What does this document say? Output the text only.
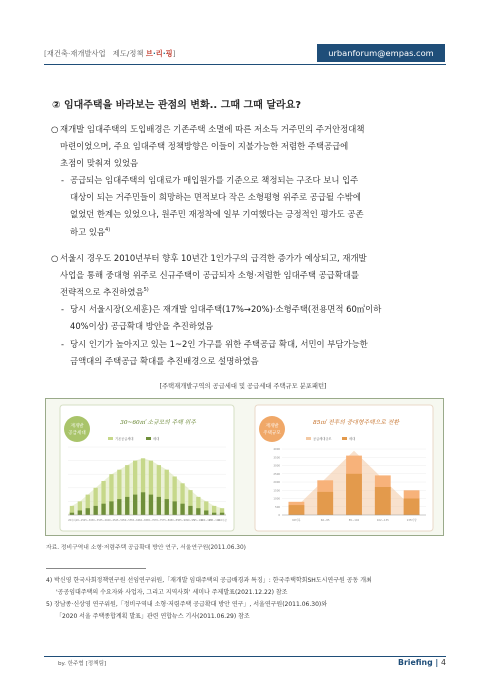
[재건축·재개발사업 제도/정책 브·리·핑]	urbanforum@empas.com
② 임대주택을 바라보는 관점의 변화.. 그때 그때 달라요?
○ 재개발 임대주택의 도입배경은 기존주택 소멸에 따른 저소득 거주민의 주거안정대책
마련이었으며, 주요 임대주택 정책방향은 이들이 지불가능한 저렴한 주택공급에
초점이 맞춰져 있었음
- 공급되는 임대주택의 임대료가 매입원가를 기준으로 책정되는 구조다 보니 입주
대상이 되는 거주민들이 희망하는 면적보다 작은 소형평형 위주로 공급될 수밖에
없었던 한계는 있었으나, 원주민 재정착에 일부 기여했다는 긍정적인 평가도 공존
하고 있음$^{4)}$
○ 서울시 경우도 2010년부터 향후 10년간 1인가구의 급격한 증가가 예상되고, 재개발
사업을 통해 중대형 위주로 신규주택이 공급되자 소형·저렴한 임대주택 공급확대를
전략적으로 추진하였음$^{5)}$
- 당시 서울시장(오세훈)은 재개발 임대주택(17%→20%)·소형주택(전용면적 60㎡이하
40%이상) 공급확대 방안을 추진하였음
- 당시 인기가 높아지고 있는 1~2인 가구를 위한 주택공급 확대, 서민이 부담가능한
금액대의 주택공급 확대를 추진배경으로 설명하였음
[주택재개발구역의 공급세대 및 공급세대 주택규모 분포패턴]
재개발
공급세대
30~60㎡ 소규모의 주택 위주
기존공급세대	세대
20이하 20~25 25~30 30~35 35~40 40~45 45~50 50~55 55~60 60~65 65~70 70~75 75~80 80~85 85~90 90~95 95~100
100~105
105~110
110이상
재개발
주택규모
85㎡ 전후의 중대형주택으로 전환
공급세대규모	세대
4000
3500
3000
2500
2000
1500
1000
500
0
60이하	60~85	85~102	102~135	135이상
자료. 정비구역내 소형·저렴주택 공급확대 방안 연구, 서울연구원(2011.06.30)
4) 박신영 한국사회정책연구원 선임연구위원,「재개발 임대주택의 공급배경과 특징」: 한국주택학회SH도시연구원 공동 개최
'공공임대주택의 수요자와 사업자, 그리고 지역사회' 세미나 주제발표(2021.12.22) 참조
5) 장남종·신상영 연구위원,「정비구역내 소형·저렴주택 공급확대 방안 연구」, 서울연구원(2011.06.30)와
「2020 서울 주택종합계획 발표」관련 연합뉴스 기사(2011.06.29) 참조
by. 한주협 [정책팀]	Briefing | 4
